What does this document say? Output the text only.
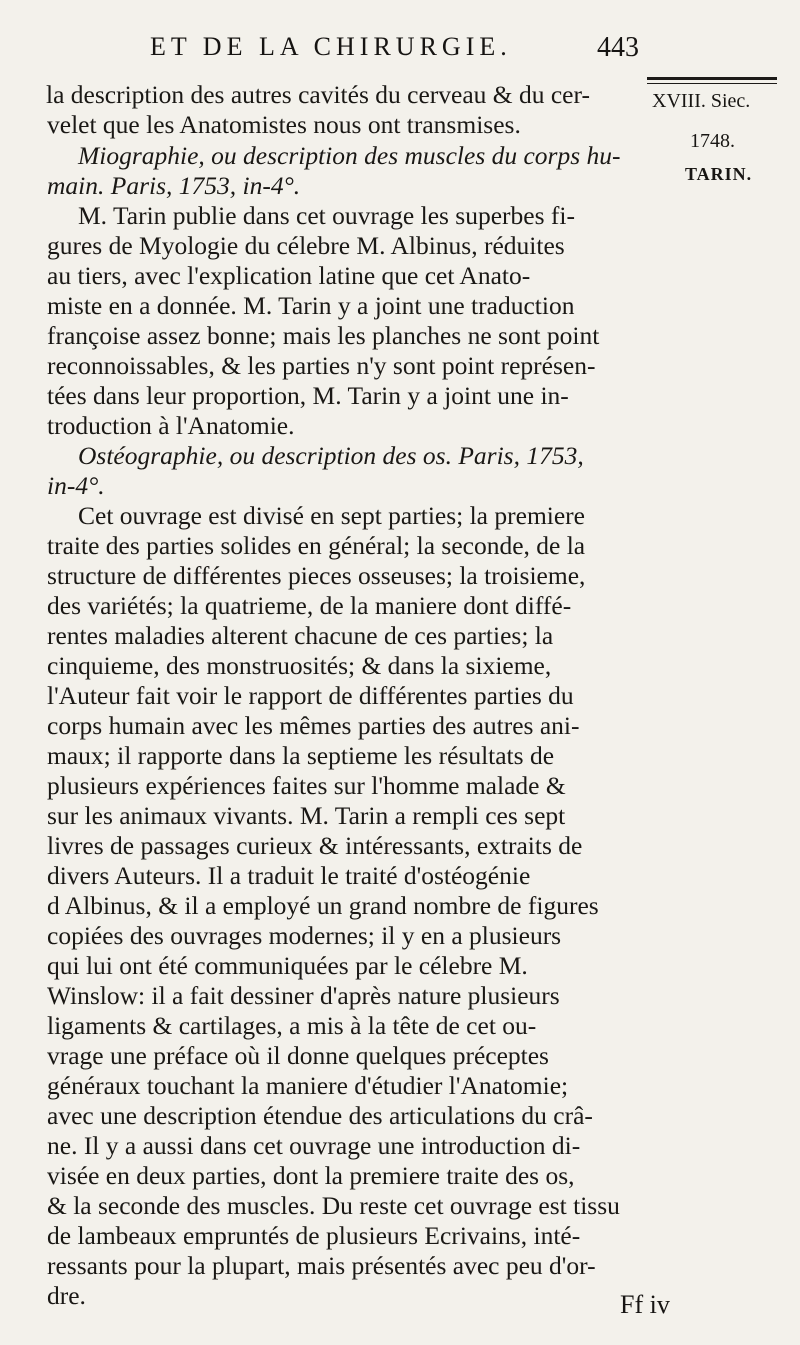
ET DE LA CHIRURGIE.	443
XVIII. Siec.
1748.
TARIN.
la description des autres cavités du cerveau & du cer-
velet que les Anatomistes nous ont transmises.
Miographie, ou description des muscles du corps hu-
main. Paris, 1753, in-4°.
M. Tarin publie dans cet ouvrage les superbes fi-
gures de Myologie du célebre M. Albinus, réduites
au tiers, avec l'explication latine que cet Anato-
miste en a donnée. M. Tarin y a joint une traduction
françoise assez bonne; mais les planches ne sont point
reconnoissables, & les parties n'y sont point représen-
tées dans leur proportion, M. Tarin y a joint une in-
troduction à l'Anatomie.
Ostéographie, ou description des os. Paris, 1753,
in-4°.
Cet ouvrage est divisé en sept parties; la premiere
traite des parties solides en général; la seconde, de la
structure de différentes pieces osseuses; la troisieme,
des variétés; la quatrieme, de la maniere dont diffé-
rentes maladies alterent chacune de ces parties; la
cinquieme, des monstruosités; & dans la sixieme,
l'Auteur fait voir le rapport de différentes parties du
corps humain avec les mêmes parties des autres ani-
maux; il rapporte dans la septieme les résultats de
plusieurs expériences faites sur l'homme malade &
sur les animaux vivants. M. Tarin a rempli ces sept
livres de passages curieux & intéressants, extraits de
divers Auteurs. Il a traduit le traité d'ostéogénie
d Albinus, & il a employé un grand nombre de figures
copiées des ouvrages modernes; il y en a plusieurs
qui lui ont été communiquées par le célebre M.
Winslow: il a fait dessiner d'après nature plusieurs
ligaments & cartilages, a mis à la tête de cet ou-
vrage une préface où il donne quelques préceptes
généraux touchant la maniere d'étudier l'Anatomie;
avec une description étendue des articulations du crâ-
ne. Il y a aussi dans cet ouvrage une introduction di-
visée en deux parties, dont la premiere traite des os,
& la seconde des muscles. Du reste cet ouvrage est tissu
de lambeaux empruntés de plusieurs Ecrivains, inté-
ressants pour la plupart, mais présentés avec peu d'or-
dre.	Ff iv
